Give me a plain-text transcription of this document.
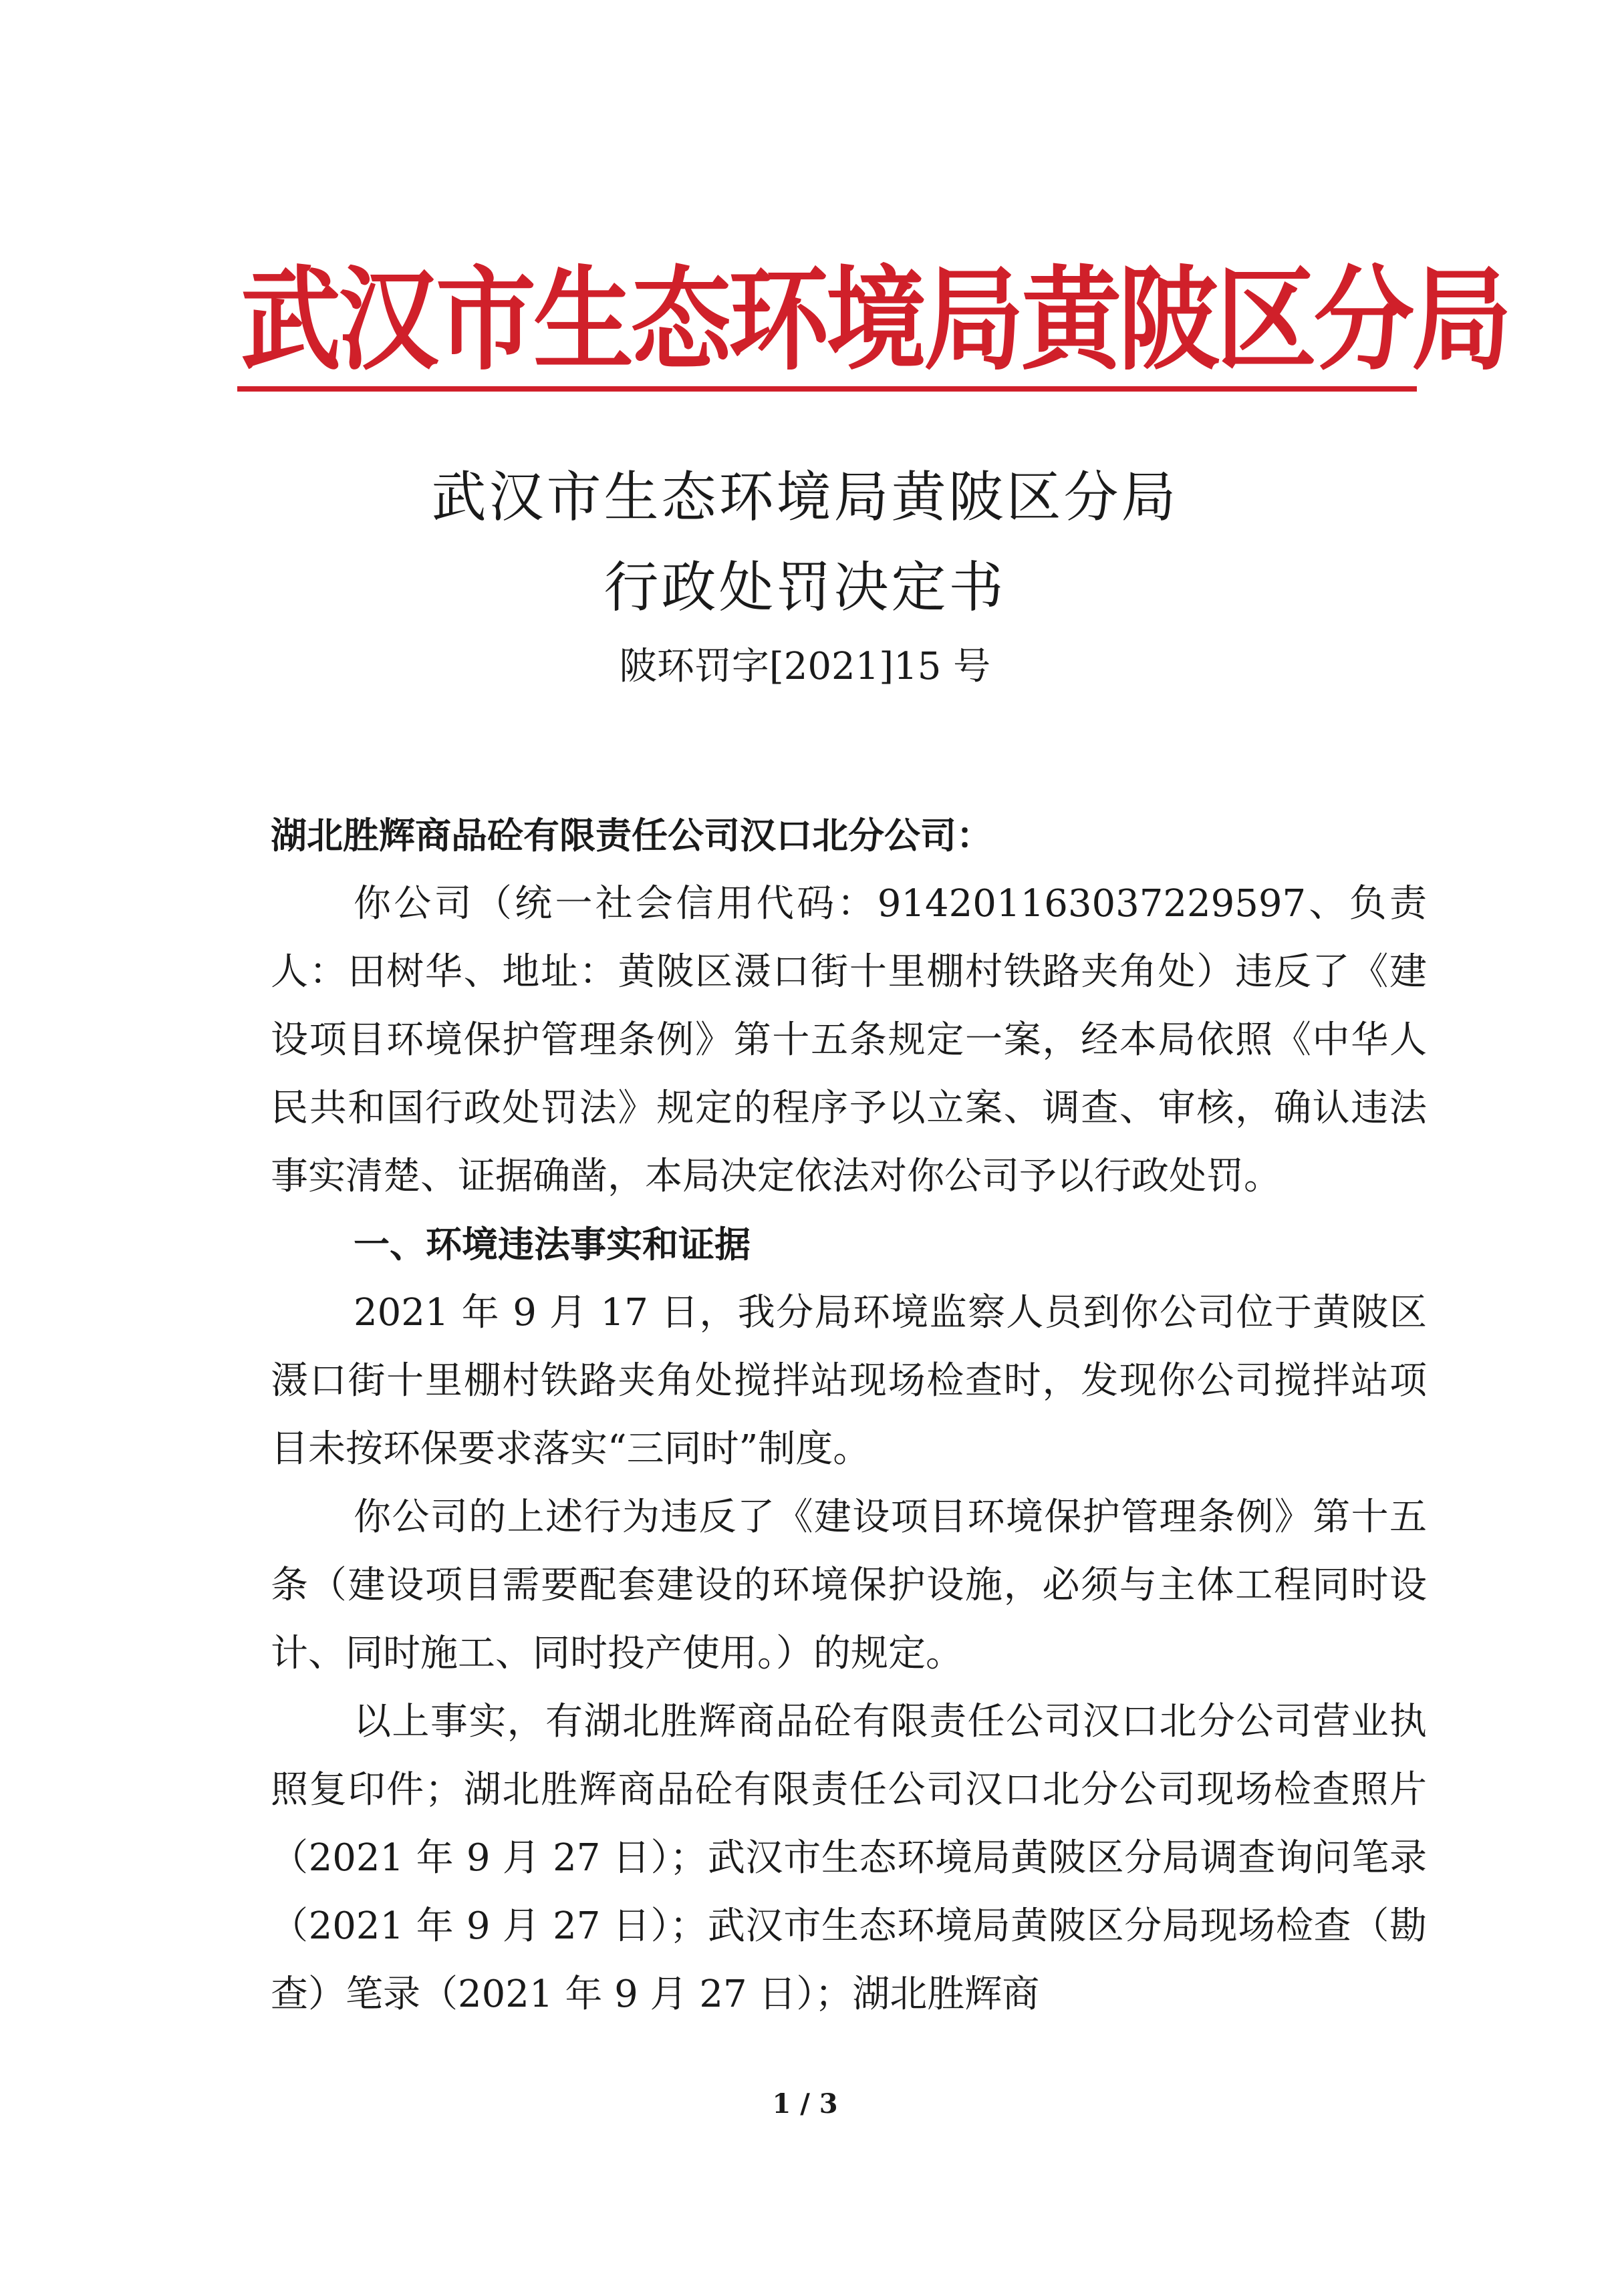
武汉市生态环境局黄陂区分局
武汉市生态环境局黄陂区分局
行政处罚决定书
陂环罚字[2021]15 号

湖北胜辉商品砼有限责任公司汉口北分公司：

你公司（统一社会信用代码：914201163037229597、负责人：田树华、地址：黄陂区滠口街十里棚村铁路夹角处）违反了《建设项目环境保护管理条例》第十五条规定一案，经本局依照《中华人民共和国行政处罚法》规定的程序予以立案、调查、审核，确认违法事实清楚、证据确凿，本局决定依法对你公司予以行政处罚。

一、环境违法事实和证据

2021 年 9 月 17 日，我分局环境监察人员到你公司位于黄陂区滠口街十里棚村铁路夹角处搅拌站现场检查时，发现你公司搅拌站项目未按环保要求落实“三同时”制度。

你公司的上述行为违反了《建设项目环境保护管理条例》第十五条（建设项目需要配套建设的环境保护设施，必须与主体工程同时设计、同时施工、同时投产使用。）的规定。

以上事实，有湖北胜辉商品砼有限责任公司汉口北分公司营业执照复印件；湖北胜辉商品砼有限责任公司汉口北分公司现场检查照片（2021 年 9 月 27 日）；武汉市生态环境局黄陂区分局调查询问笔录（2021 年 9 月 27 日）；武汉市生态环境局黄陂区分局现场检查（勘查）笔录（2021 年 9 月 27 日）；湖北胜辉商

1 / 3
